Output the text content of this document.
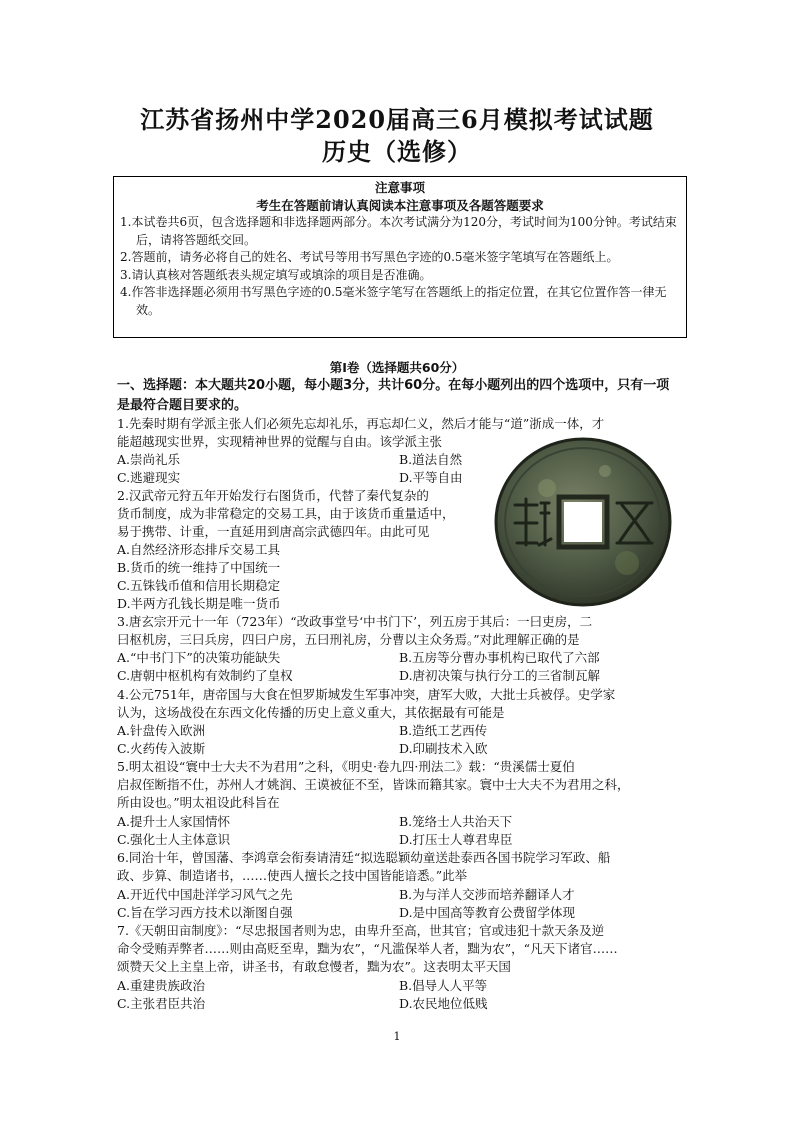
江苏省扬州中学2020届高三6月模拟考试试题
历史（选修）
注意事项
考生在答题前请认真阅读本注意事项及各题答题要求
1.本试卷共6页，包含选择题和非选择题两部分。本次考试满分为120分，考试时间为100分钟。考试结束后，请将答题纸交回。
2.答题前，请务必将自己的姓名、考试号等用书写黑色字迹的0.5毫米签字笔填写在答题纸上。
3.请认真核对答题纸表头规定填写或填涂的项目是否准确。
4.作答非选择题必须用书写黑色字迹的0.5毫米签字笔写在答题纸上的指定位置，在其它位置作答一律无效。
第Ⅰ卷（选择题共60分）
一、选择题：本大题共20小题，每小题3分，共计60分。在每小题列出的四个选项中，只有一项是最符合题目要求的。
1.先秦时期有学派主张人们必须先忘却礼乐，再忘却仁义，然后才能与“道”浙成一体，才
能超越现实世界，实现精神世界的觉醒与自由。该学派主张
A.崇尚礼乐	B.道法自然
C.逃避现实	D.平等自由
2.汉武帝元狩五年开始发行右图货币，代替了秦代复杂的
货币制度，成为非常稳定的交易工具，由于该货币重量适中，
易于携带、计重，一直延用到唐高宗武德四年。由此可见
A.自然经济形态排斥交易工具
B.货币的统一维持了中国统一
C.五铢钱币值和信用长期稳定
D.半两方孔钱长期是唯一货币
3.唐玄宗开元十一年（723年）“改政事堂号‘中书门下’，列五房于其后：一曰吏房，二
曰枢机房，三曰兵房，四曰户房，五曰刑礼房，分曹以主众务焉。”对此理解正确的是
A.“中书门下”的决策功能缺失	B.五房等分曹办事机构已取代了六部
C.唐朝中枢机构有效制约了皇权	D.唐初决策与执行分工的三省制瓦解
4.公元751年，唐帝国与大食在怛罗斯城发生军事冲突，唐军大败，大批士兵被俘。史学家
认为，这场战役在东西文化传播的历史上意义重大，其依据最有可能是
A.针盘传入欧洲	B.造纸工艺西传
C.火药传入波斯	D.印刷技术入欧
5.明太祖设“寰中士大夫不为君用”之科，《明史·卷九四·刑法二》载：“贵溪儒士夏伯
启叔侄断指不仕，苏州人才姚润、王谟被征不至，皆诛而籍其家。寰中士大夫不为君用之科，
所由设也。”明太祖设此科旨在
A.提升士人家国情怀	B.笼络士人共治天下
C.强化士人主体意识	D.打压士人尊君卑臣
6.同治十年，曾国藩、李鸿章会衔奏请清廷“拟选聪颖幼童送赴泰西各国书院学习军政、船
政、步算、制造诸书，……使西人擅长之技中国皆能谙悉。”此举
A.开近代中国赴洋学习风气之先	B.为与洋人交涉而培养翻译人才
C.旨在学习西方技术以渐图自强	D.是中国高等教育公费留学体现
7.《天朝田亩制度》：“尽忠报国者则为忠，由卑升至高，世其官；官或违犯十款天条及逆
命令受贿弄弊者……则由高贬至卑，黜为农”，“凡滥保举人者，黜为农”，“凡天下诸官……
颂赞天父上主皇上帝，讲圣书，有敢怠慢者，黜为农”。这表明太平天国
A.重建贵族政治	B.倡导人人平等
C.主张君臣共治	D.农民地位低贱
1
